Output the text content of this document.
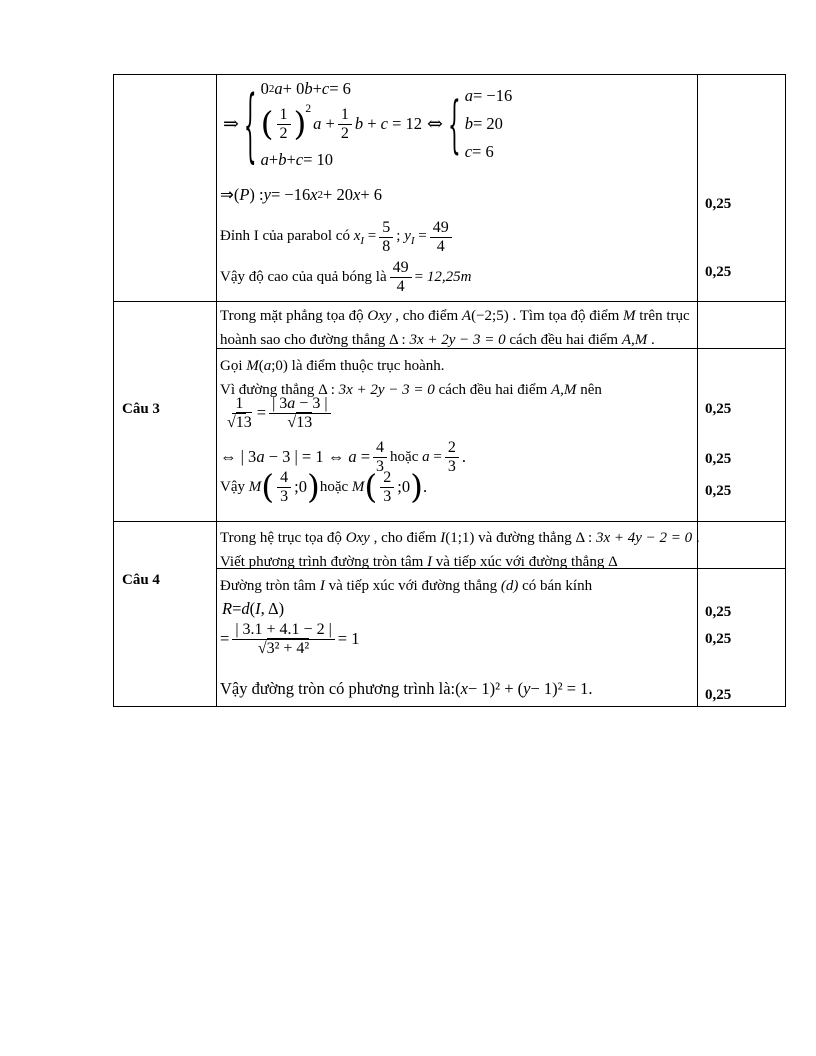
⇒ { 0 2 a + 0 b + c = 6
( $\frac{1}{2}$ ) 2
$a + \frac{1}{2}$ b + c = 12
a + b + c = 10
⇔ { a = −16
b = 20
c = 6
⇒ ( P ) : y = −16 x 2 + 20 x + 6
Đỉnh I của parabol có $x_I = \frac{5}{8}$ ; $y_I = \frac{49}{4}$
Vậy độ cao của quả bóng là $\frac{49}{4} = 12,25m$
0,25
0,25
Câu 3
Trong mặt phẳng tọa độ Oxy , cho điểm A(−2;5) . Tìm tọa độ điểm M trên trục
hoành sao cho đường thẳng Δ : 3x + 2y − 3 = 0 cách đều hai điểm A,M .
Gọi M(a;0) là điểm thuộc trục hoành.
Vì đường thẳng Δ : 3x + 2y − 3 = 0 cách đều hai điểm A,M nên
$\frac{1}{√13} = \frac{| 3a - 3 |}{√13}$
⇔ | 3a − 3 | = 1 ⇔ $a = \frac{4}{3}$ hoặc $a = \frac{2}{3}$ .
Vậy M ( $\frac{4}{3}$ ;0 ) hoặc M ( $\frac{2}{3}$ ;0 ) .
0,25
0,25
0,25
Câu 4
Trong hệ trục tọa độ Oxy , cho điểm I(1;1) và đường thẳng Δ : 3x + 4y − 2 = 0 .
Viết phương trình đường tròn tâm I và tiếp xúc với đường thẳng Δ
Đường tròn tâm I và tiếp xúc với đường thẳng (d) có bán kính
R = d ( I , Δ )
= $\frac{| 3.1 + 4.1 - 2 |}{\text{√3² + 4²}} = 1$
Vậy đường tròn có phương trình là: ( x − 1 )² + ( y − 1 )² = 1.
0,25
0,25
0,25
